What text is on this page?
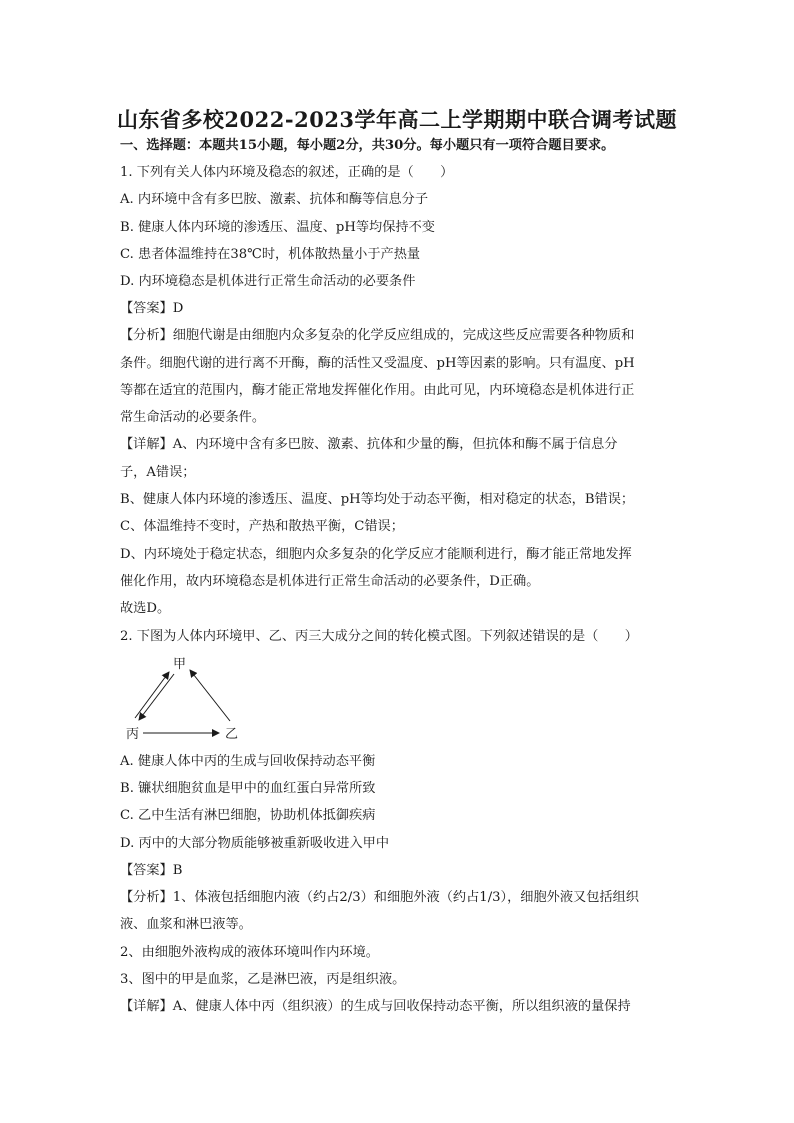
山东省多校2022-2023学年高二上学期期中联合调考试题
一、选择题：本题共15小题，每小题2分，共30分。每小题只有一项符合题目要求。
1. 下列有关人体内环境及稳态的叙述，正确的是（　　）
A. 内环境中含有多巴胺、激素、抗体和酶等信息分子
B. 健康人体内环境的渗透压、温度、pH等均保持不变
C. 患者体温维持在38℃时，机体散热量小于产热量
D. 内环境稳态是机体进行正常生命活动的必要条件
【答案】D
【分析】细胞代谢是由细胞内众多复杂的化学反应组成的，完成这些反应需要各种物质和
条件。细胞代谢的进行离不开酶，酶的活性又受温度、pH等因素的影响。只有温度、pH
等都在适宜的范围内，酶才能正常地发挥催化作用。由此可见，内环境稳态是机体进行正
常生命活动的必要条件。
【详解】A、内环境中含有多巴胺、激素、抗体和少量的酶，但抗体和酶不属于信息分
子，A错误；
B、健康人体内环境的渗透压、温度、pH等均处于动态平衡，相对稳定的状态，B错误；
C、体温维持不变时，产热和散热平衡，C错误；
D、内环境处于稳定状态，细胞内众多复杂的化学反应才能顺利进行，酶才能正常地发挥
催化作用，故内环境稳态是机体进行正常生命活动的必要条件，D正确。
故选D。
2. 下图为人体内环境甲、乙、丙三大成分之间的转化模式图。下列叙述错误的是（　　）
甲
丙	乙
A. 健康人体中丙的生成与回收保持动态平衡
B. 镰状细胞贫血是甲中的血红蛋白异常所致
C. 乙中生活有淋巴细胞，协助机体抵御疾病
D. 丙中的大部分物质能够被重新吸收进入甲中
【答案】B
【分析】1、体液包括细胞内液（约占2/3）和细胞外液（约占1/3），细胞外液又包括组织
液、血浆和淋巴液等。
2、由细胞外液构成的液体环境叫作内环境。
3、图中的甲是血浆，乙是淋巴液，丙是组织液。
【详解】A、健康人体中丙（组织液）的生成与回收保持动态平衡，所以组织液的量保持
